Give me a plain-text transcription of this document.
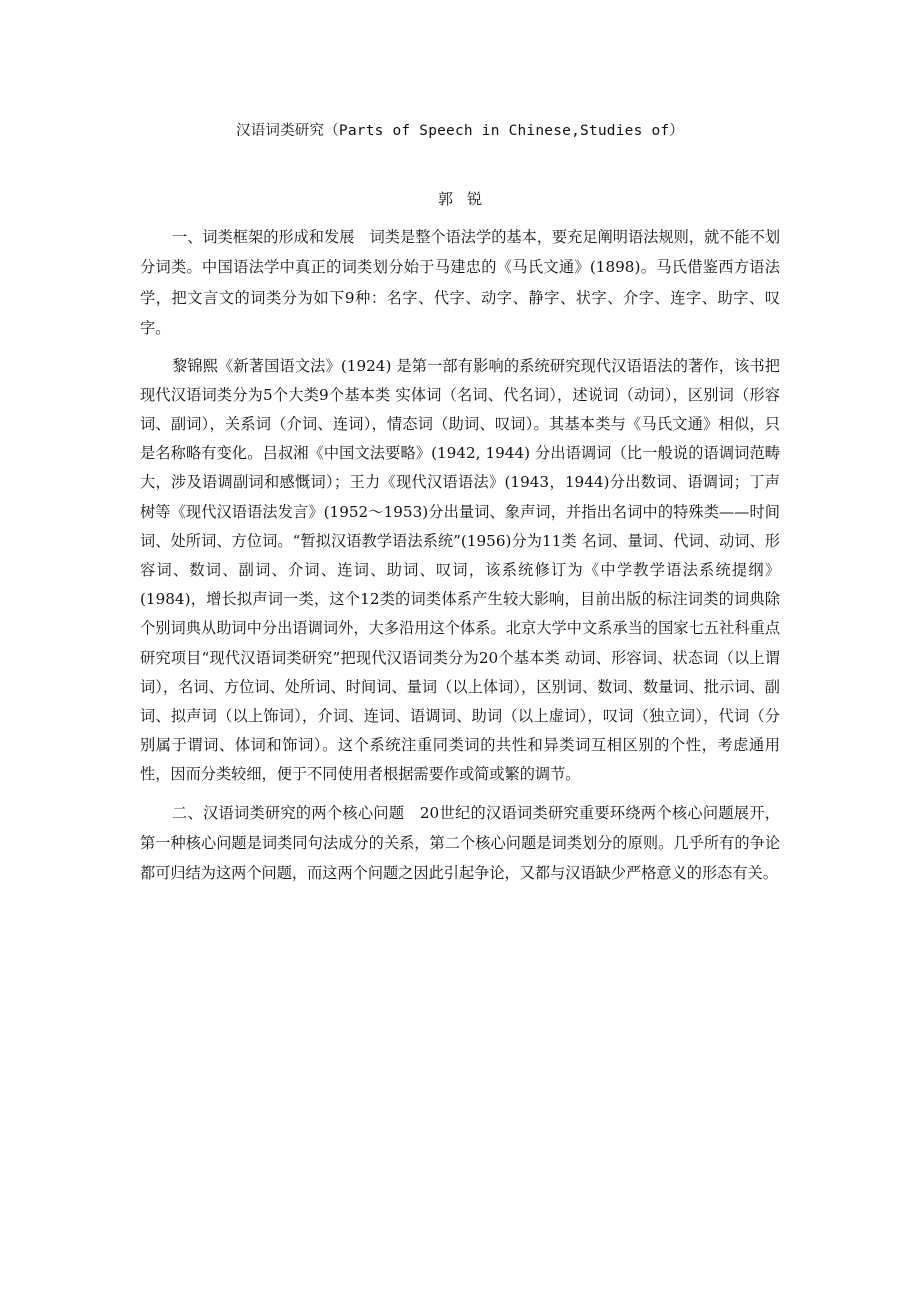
汉语词类研究（Parts of Speech in Chinese,Studies of）
郭锐

一、词类框架的形成和发展　词类是整个语法学的基本，要充足阐明语法规则，就不能不划分词类。中国语法学中真正的词类划分始于马建忠的《马氏文通》(1898)。马氏借鉴西方语法学，把文言文的词类分为如下9种：名字、代字、动字、静字、状字、介字、连字、助字、叹字。

黎锦熙《新著国语文法》(1924) 是第一部有影响的系统研究现代汉语语法的著作，该书把现代汉语词类分为5个大类9个基本类 实体词（名词、代名词），述说词（动词），区别词（形容词、副词），关系词（介词、连词），情态词（助词、叹词）。其基本类与《马氏文通》相似，只是名称略有变化。吕叔湘《中国文法要略》(1942, 1944) 分出语调词（比一般说的语调词范畴大，涉及语调副词和感慨词）；王力《现代汉语语法》(1943，1944)分出数词、语调词；丁声树等《现代汉语语法发言》(1952～1953)分出量词、象声词，并指出名词中的特殊类——时间词、处所词、方位词。“暂拟汉语教学语法系统”(1956)分为11类 名词、量词、代词、动词、形容词、数词、副词、介词、连词、助词、叹词，该系统修订为《中学教学语法系统提纲》(1984)，增长拟声词一类，这个12类的词类体系产生较大影响，目前出版的标注词类的词典除个别词典从助词中分出语调词外，大多沿用这个体系。北京大学中文系承当的国家七五社科重点研究项目“现代汉语词类研究”把现代汉语词类分为20个基本类 动词、形容词、状态词（以上谓词），名词、方位词、处所词、时间词、量词（以上体词），区别词、数词、数量词、批示词、副词、拟声词（以上饰词），介词、连词、语调词、助词（以上虚词），叹词（独立词），代词（分别属于谓词、体词和饰词）。这个系统注重同类词的共性和异类词互相区别的个性，考虑通用性，因而分类较细，便于不同使用者根据需要作或简或繁的调节。

二、汉语词类研究的两个核心问题　20世纪的汉语词类研究重要环绕两个核心问题展开，第一种核心问题是词类同句法成分的关系，第二个核心问题是词类划分的原则。几乎所有的争论都可归结为这两个问题，而这两个问题之因此引起争论，又都与汉语缺少严格意义的形态有关。
